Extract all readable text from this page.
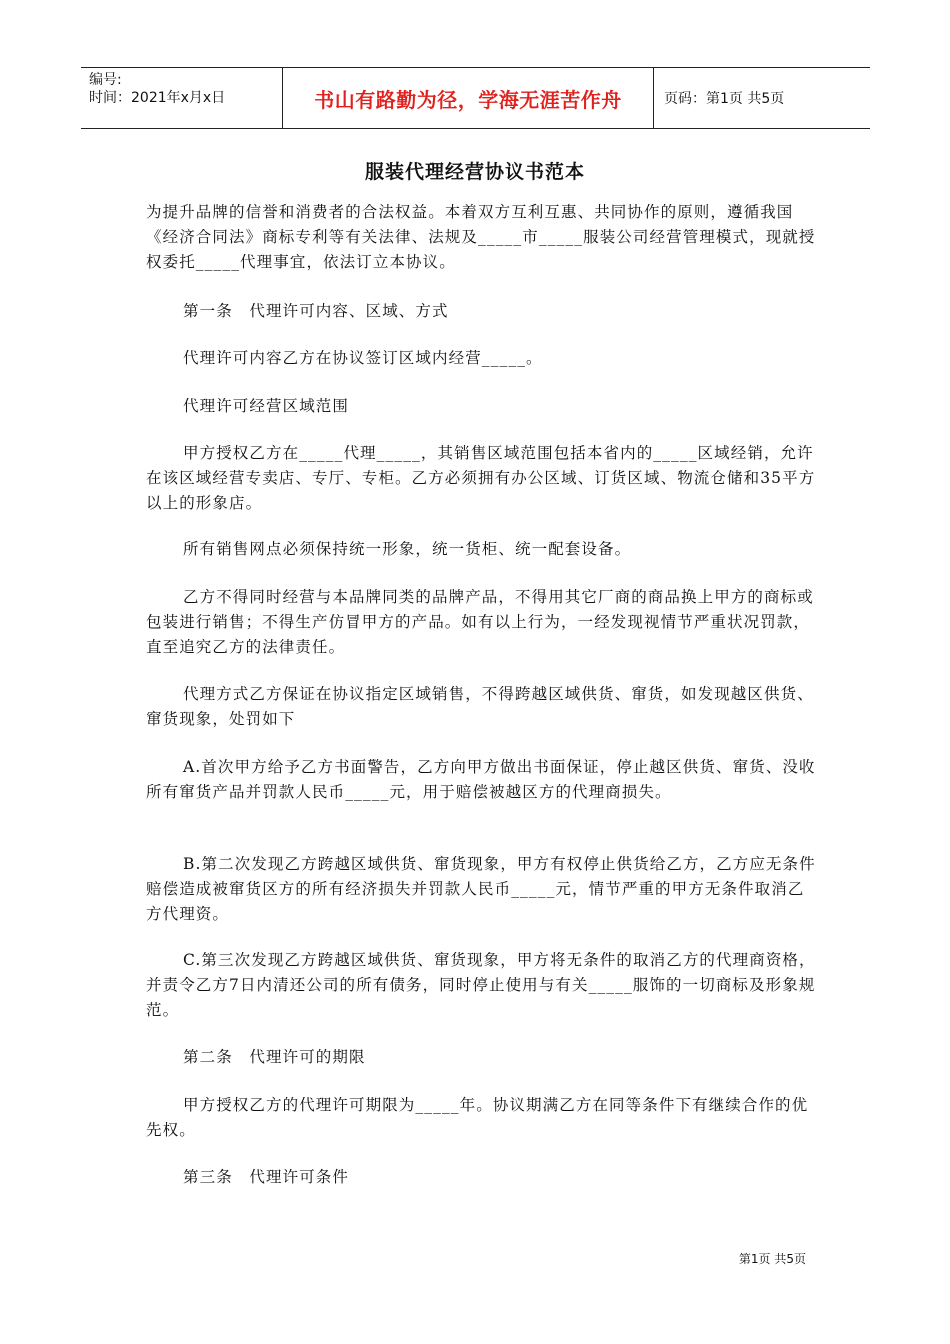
编号:
时间：2021年x月x日	书山有路勤为径，学海无涯苦作舟	页码：第1页 共5页
服装代理经营协议书范本

为提升品牌的信誉和消费者的合法权益。本着双方互利互惠、共同协作的原则，遵循我国《经济合同法》商标专利等有关法律、法规及_____市_____服装公司经营管理模式，现就授权委托_____代理事宜，依法订立本协议。

第一条　代理许可内容、区域、方式

代理许可内容乙方在协议签订区域内经营_____。

代理许可经营区域范围

甲方授权乙方在_____代理_____，其销售区域范围包括本省内的_____区域经销，允许在该区域经营专卖店、专厅、专柜。乙方必须拥有办公区域、订货区域、物流仓储和35平方以上的形象店。

所有销售网点必须保持统一形象，统一货柜、统一配套设备。

乙方不得同时经营与本品牌同类的品牌产品，不得用其它厂商的商品换上甲方的商标或包装进行销售；不得生产仿冒甲方的产品。如有以上行为，一经发现视情节严重状况罚款，直至追究乙方的法律责任。

代理方式乙方保证在协议指定区域销售，不得跨越区域供货、窜货，如发现越区供货、窜货现象，处罚如下

A.首次甲方给予乙方书面警告，乙方向甲方做出书面保证，停止越区供货、窜货、没收所有窜货产品并罚款人民币_____元，用于赔偿被越区方的代理商损失。

B.第二次发现乙方跨越区域供货、窜货现象，甲方有权停止供货给乙方，乙方应无条件赔偿造成被窜货区方的所有经济损失并罚款人民币_____元，情节严重的甲方无条件取消乙方代理资。

C.第三次发现乙方跨越区域供货、窜货现象，甲方将无条件的取消乙方的代理商资格，并责令乙方7日内清还公司的所有债务，同时停止使用与有关_____服饰的一切商标及形象规范。

第二条　代理许可的期限

甲方授权乙方的代理许可期限为_____年。协议期满乙方在同等条件下有继续合作的优先权。

第三条　代理许可条件

第1页 共5页
